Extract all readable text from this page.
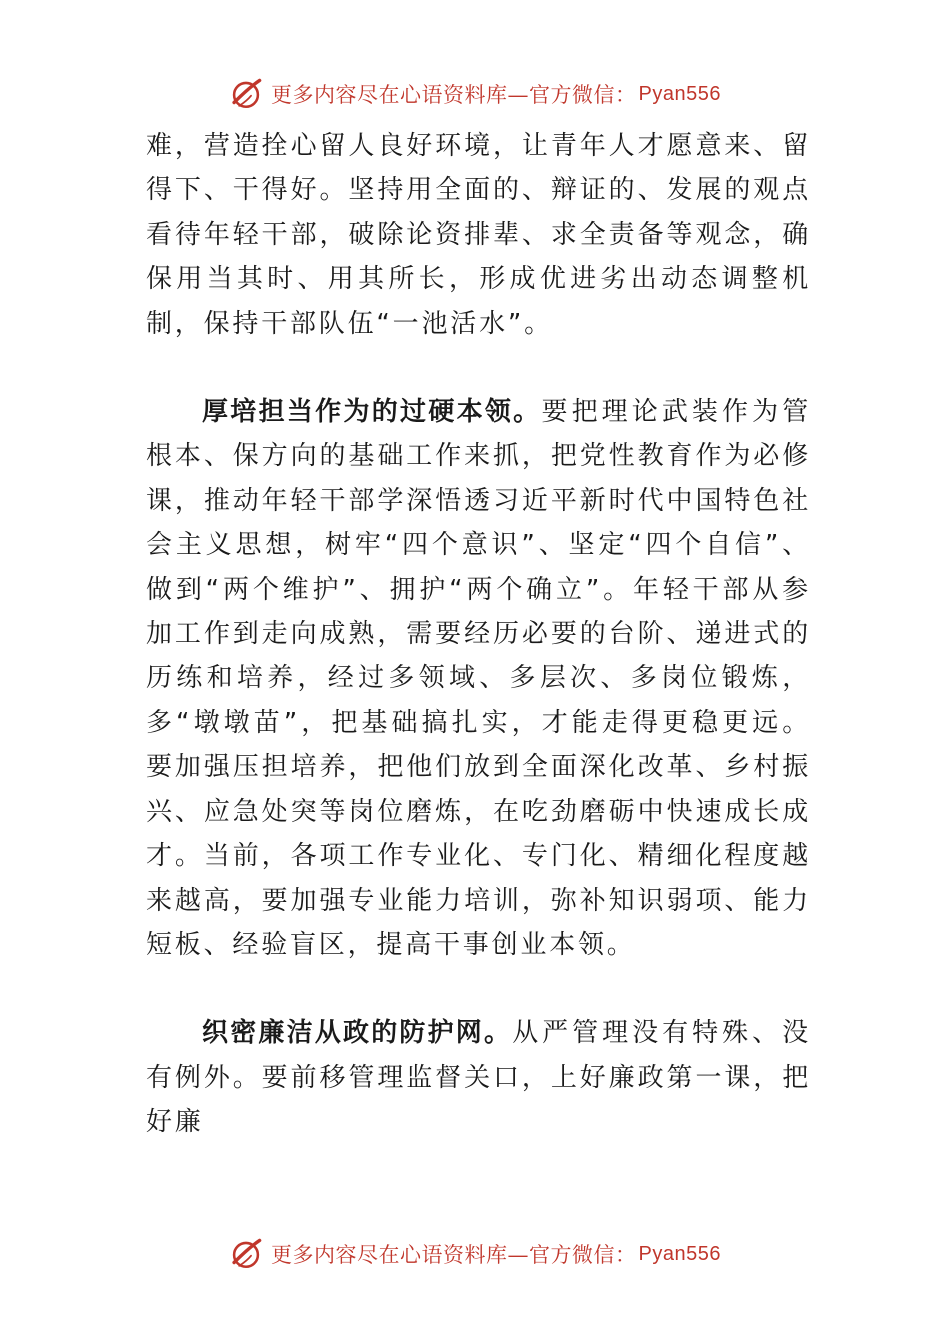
更多内容尽在心语资料库—官方微信： Pyan556

难，营造拴心留人良好环境，让青年人才愿意来、留得下、干得好。坚持用全面的、辩证的、发展的观点看待年轻干部，破除论资排辈、求全责备等观念，确保用当其时、用其所长，形成优进劣出动态调整机制，保持干部队伍“一池活水”。

厚培担当作为的过硬本领。要把理论武装作为管根本、保方向的基础工作来抓，把党性教育作为必修课，推动年轻干部学深悟透习近平新时代中国特色社会主义思想，树牢“四个意识”、坚定“四个自信”、做到“两个维护”、拥护“两个确立”。年轻干部从参加工作到走向成熟，需要经历必要的台阶、递进式的历练和培养，经过多领域、多层次、多岗位锻炼，多“墩墩苗”，把基础搞扎实，才能走得更稳更远。要加强压担培养，把他们放到全面深化改革、乡村振兴、应急处突等岗位磨炼，在吃劲磨砺中快速成长成才。当前，各项工作专业化、专门化、精细化程度越来越高，要加强专业能力培训，弥补知识弱项、能力短板、经验盲区，提高干事创业本领。

织密廉洁从政的防护网。从严管理没有特殊、没有例外。要前移管理监督关口，上好廉政第一课，把好廉

更多内容尽在心语资料库—官方微信： Pyan556
